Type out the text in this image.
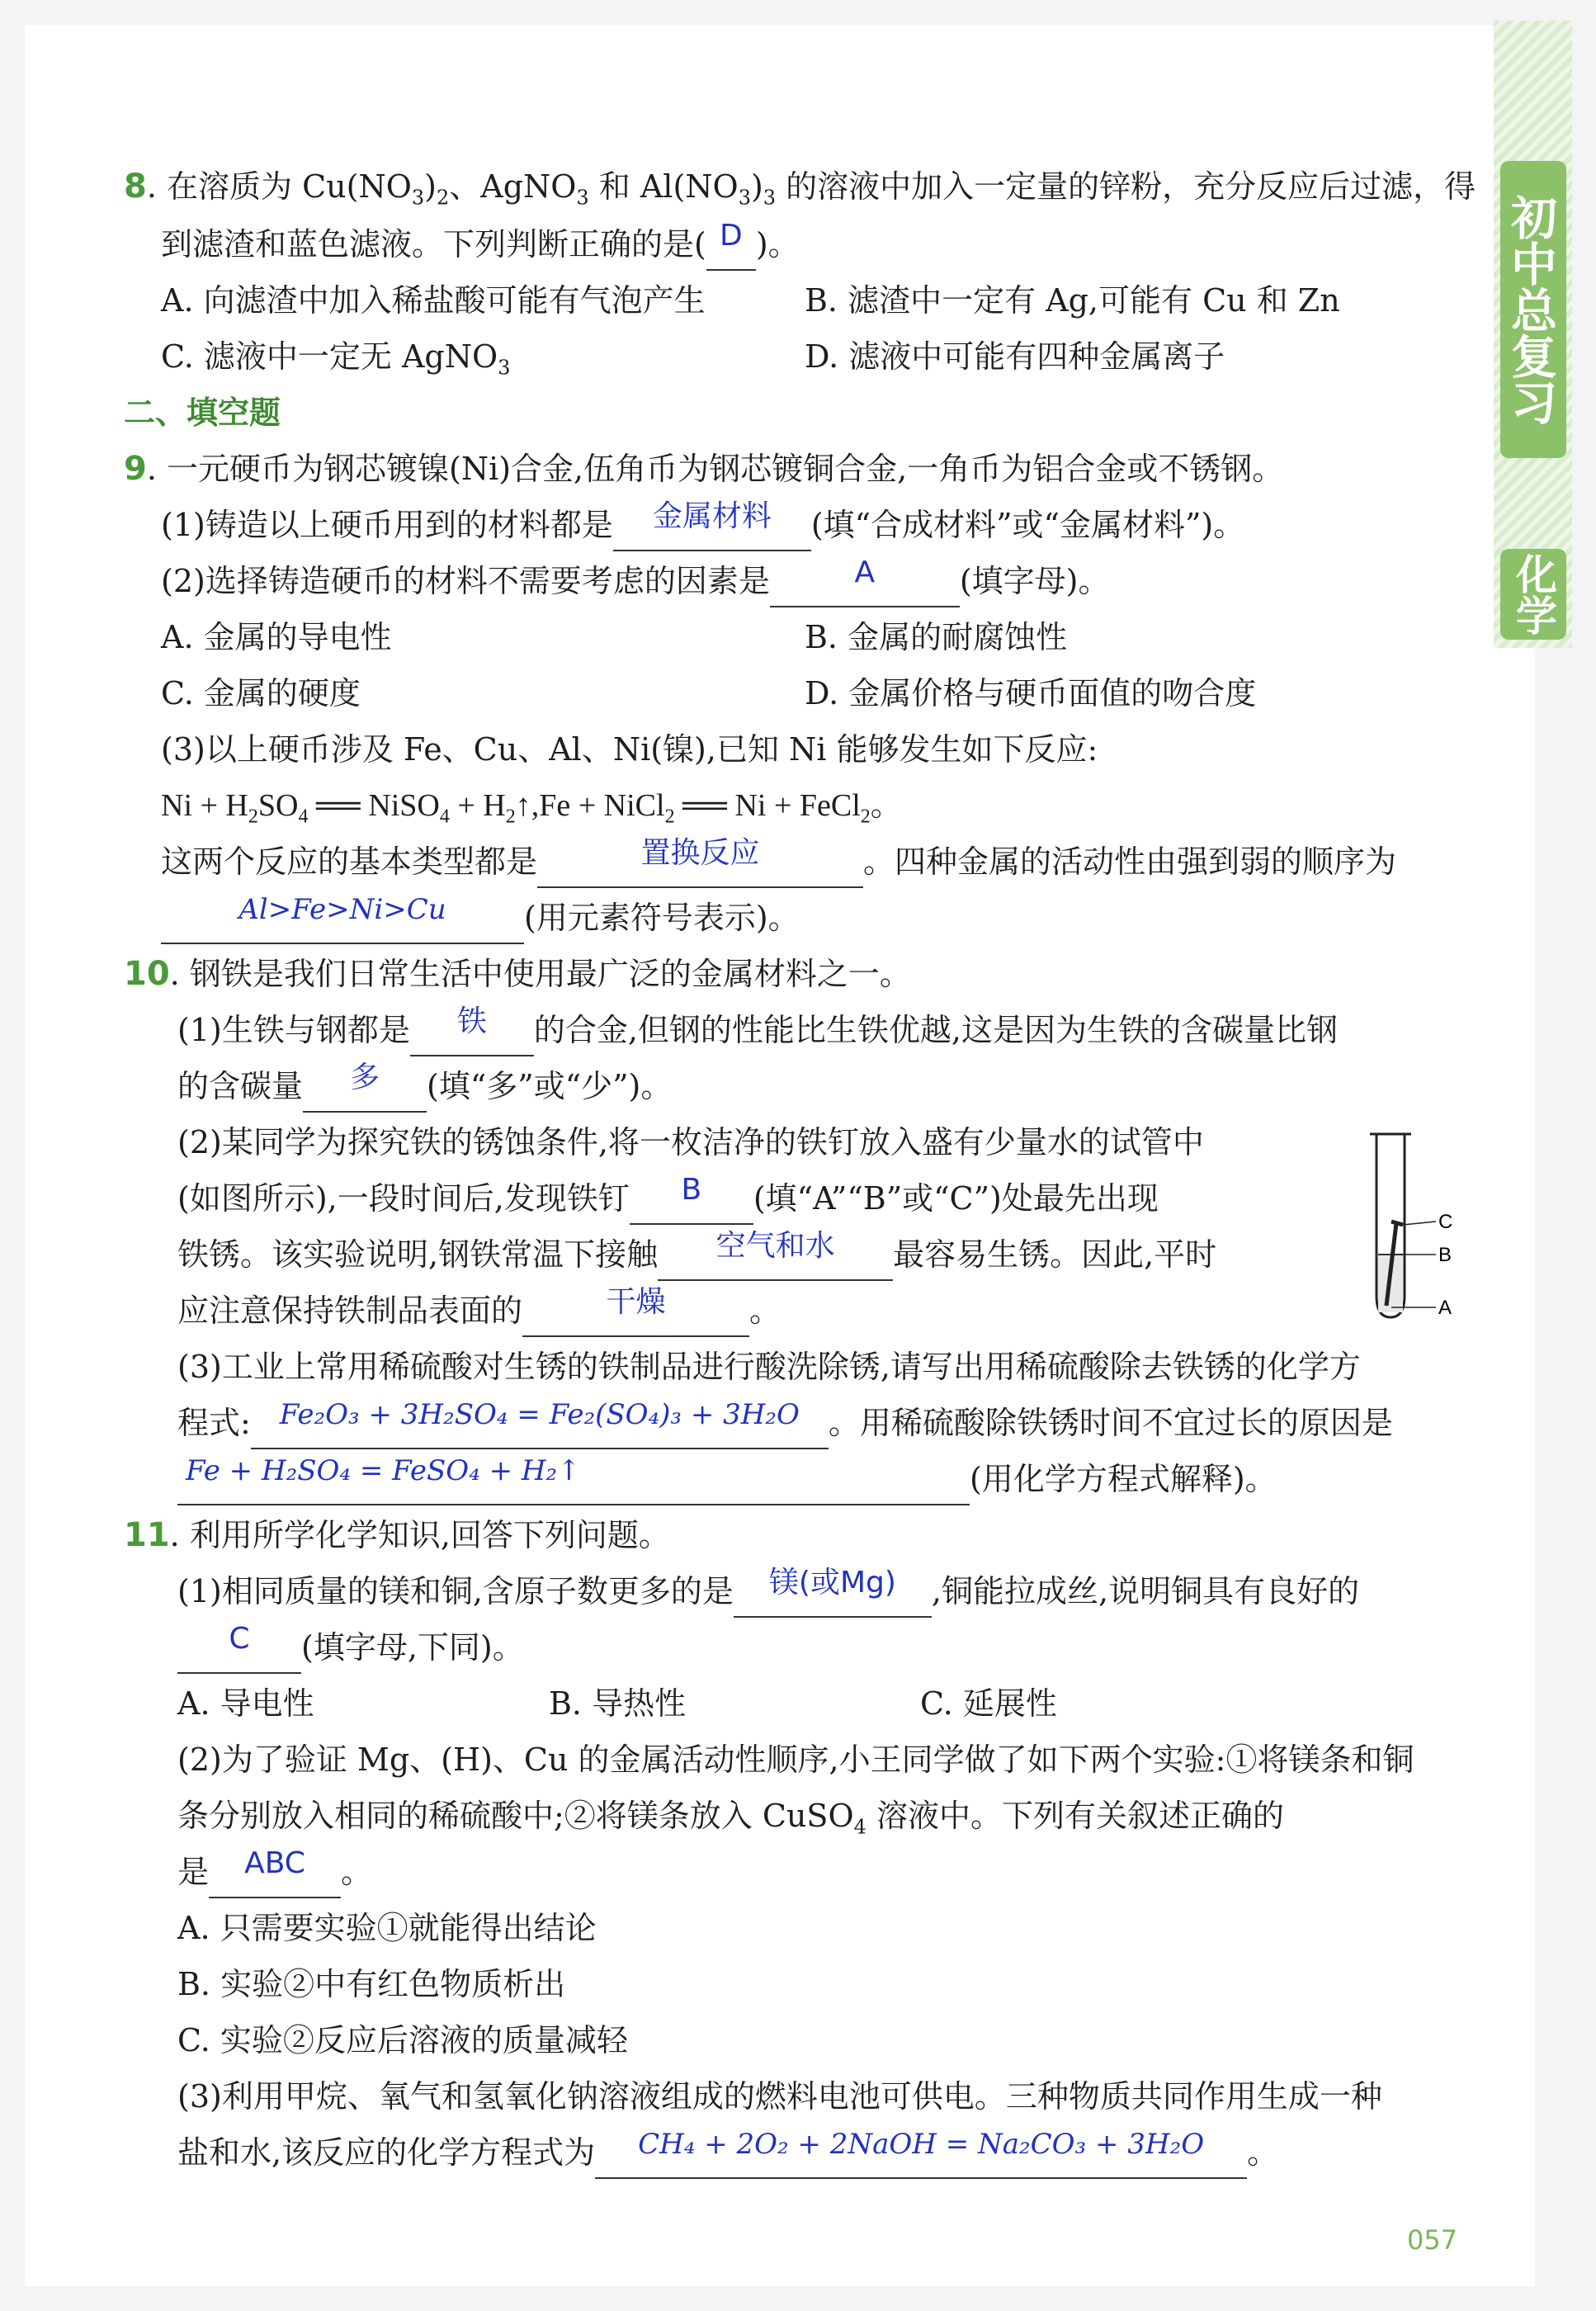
初中总复习
化学
8. 在溶质为 $Cu(NO_3)_2$、AgNO$_3$ 和 $Al(NO_3)_3$ 的溶液中加入一定量的锌粉，充分反应后过滤，得
到滤渣和蓝色滤液。下列判断正确的是( D )。
A. 向滤渣中加入稀盐酸可能有气泡产生	B. 滤渣中一定有 Ag,可能有 Cu 和 Zn
C. 滤液中一定无 AgNO$_3$	D. 滤液中可能有四种金属离子
二、填空题
9. 一元硬币为钢芯镀镍(Ni)合金,伍角币为钢芯镀铜合金,一角币为铝合金或不锈钢。
(1)铸造以上硬币用到的材料都是 金属材料 (填“合成材料”或“金属材料”)。
(2)选择铸造硬币的材料不需要考虑的因素是	A	(填字母)。
A. 金属的导电性	B. 金属的耐腐蚀性
C. 金属的硬度	D. 金属价格与硬币面值的吻合度
(3)以上硬币涉及 Fe、Cu、Al、Ni(镍),已知 Ni 能够发生如下反应:
$Ni + H_2SO_4$ ══ NiSO$_4$ + $H_2↑,Fe$ + NiCl$_2$ ══ Ni + FeCl$_2$。
这两个反应的基本类型都是	置换反应	。四种金属的活动性由强到弱的顺序为
Al>Fe>Ni>Cu (用元素符号表示)。
10. 钢铁是我们日常生活中使用最广泛的金属材料之一。
(1)生铁与钢都是 铁 的合金,但钢的性能比生铁优越,这是因为生铁的含碳量比钢
的含碳量 多 (填“多”或“少”)。
(2)某同学为探究铁的锈蚀条件,将一枚洁净的铁钉放入盛有少量水的试管中
(如图所示),一段时间后,发现铁钉 B (填“A”“B”或“C”)处最先出现
铁锈。该实验说明,钢铁常温下接触 空气和水 最容易生锈。因此,平时
应注意保持铁制品表面的	干燥	。
C
B
A
(3)工业上常用稀硫酸对生锈的铁制品进行酸洗除锈,请写出用稀硫酸除去铁锈的化学方
程式: Fe₂O₃ + 3H₂SO₄ = Fe₂(SO₄)₃ + 3H₂O 。用稀硫酸除铁锈时间不宜过长的原因是
Fe + H₂SO₄ = FeSO₄ + H₂↑	(用化学方程式解释)。
11. 利用所学化学知识,回答下列问题。
(1)相同质量的镁和铜,含原子数更多的是 镁(或Mg) ,铜能拉成丝,说明铜具有良好的
C (填字母,下同)。
A. 导电性	B. 导热性	C. 延展性
(2)为了验证 Mg、(H)、Cu 的金属活动性顺序,小王同学做了如下两个实验:①将镁条和铜
条分别放入相同的稀硫酸中;②将镁条放入 CuSO$_4$ 溶液中。下列有关叙述正确的
是 ABC 。
A. 只需要实验①就能得出结论
B. 实验②中有红色物质析出
C. 实验②反应后溶液的质量减轻
(3)利用甲烷、氧气和氢氧化钠溶液组成的燃料电池可供电。三种物质共同作用生成一种
盐和水,该反应的化学方程式为 CH₄ + 2O₂ + 2NaOH = Na₂CO₃ + 3H₂O 。
057
